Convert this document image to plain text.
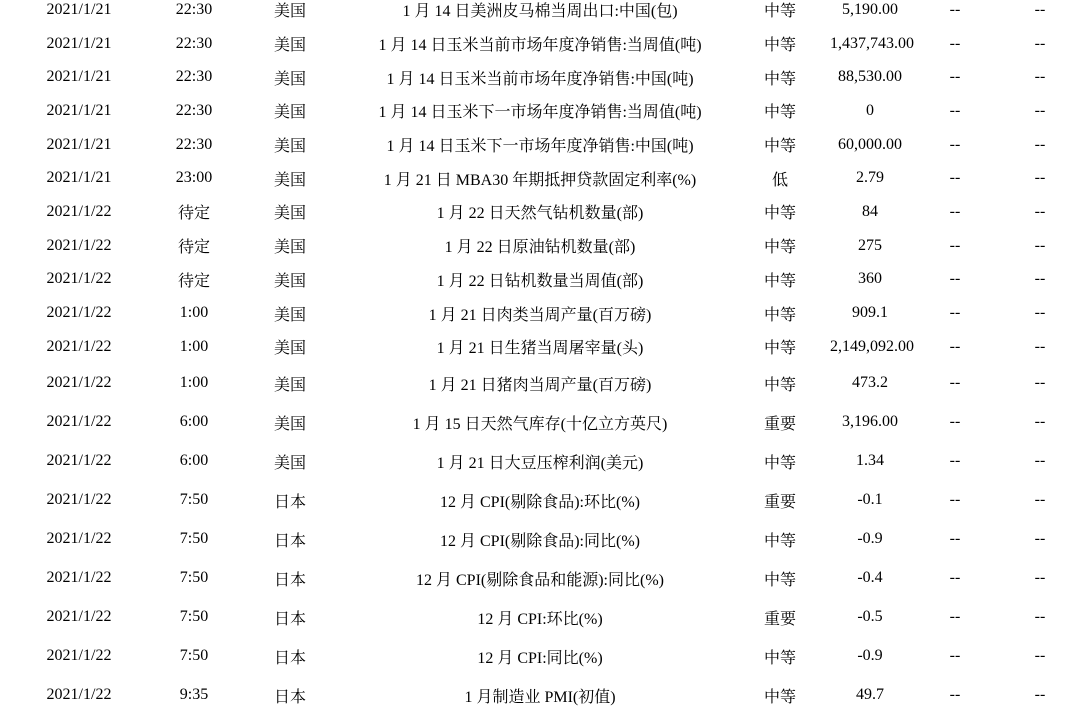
2021/1/21	22:30	美国	1 月 14 日美洲皮马棉当周出口:中国(包)	中等	5,190.00	--	--
2021/1/21	22:30	美国	1 月 14 日玉米当前市场年度净销售:当周值(吨)	中等	1,437,743.00	--	--
2021/1/21	22:30	美国	1 月 14 日玉米当前市场年度净销售:中国(吨)	中等	88,530.00	--	--
2021/1/21	22:30	美国	1 月 14 日玉米下一市场年度净销售:当周值(吨)	中等	0	--	--
2021/1/21	22:30	美国	1 月 14 日玉米下一市场年度净销售:中国(吨)	中等	60,000.00	--	--
2021/1/21	23:00	美国	1 月 21 日 MBA30 年期抵押贷款固定利率(%)	低	2.79	--	--
2021/1/22	待定	美国	1 月 22 日天然气钻机数量(部)	中等	84	--	--
2021/1/22	待定	美国	1 月 22 日原油钻机数量(部)	中等	275	--	--
2021/1/22	待定	美国	1 月 22 日钻机数量当周值(部)	中等	360	--	--
2021/1/22	1:00	美国	1 月 21 日肉类当周产量(百万磅)	中等	909.1	--	--
2021/1/22	1:00	美国	1 月 21 日生猪当周屠宰量(头)	中等	2,149,092.00	--	--
2021/1/22	1:00	美国	1 月 21 日猪肉当周产量(百万磅)	中等	473.2	--	--
2021/1/22	6:00	美国	1 月 15 日天然气库存(十亿立方英尺)	重要	3,196.00	--	--
2021/1/22	6:00	美国	1 月 21 日大豆压榨利润(美元)	中等	1.34	--	--
2021/1/22	7:50	日本	12 月 CPI(剔除食品):环比(%)	重要	-0.1	--	--
2021/1/22	7:50	日本	12 月 CPI(剔除食品):同比(%)	中等	-0.9	--	--
2021/1/22	7:50	日本	12 月 CPI(剔除食品和能源):同比(%)	中等	-0.4	--	--
2021/1/22	7:50	日本	12 月 CPI:环比(%)	重要	-0.5	--	--
2021/1/22	7:50	日本	12 月 CPI:同比(%)	中等	-0.9	--	--
2021/1/22	9:35	日本	1 月制造业 PMI(初值)	中等	49.7	--	--
